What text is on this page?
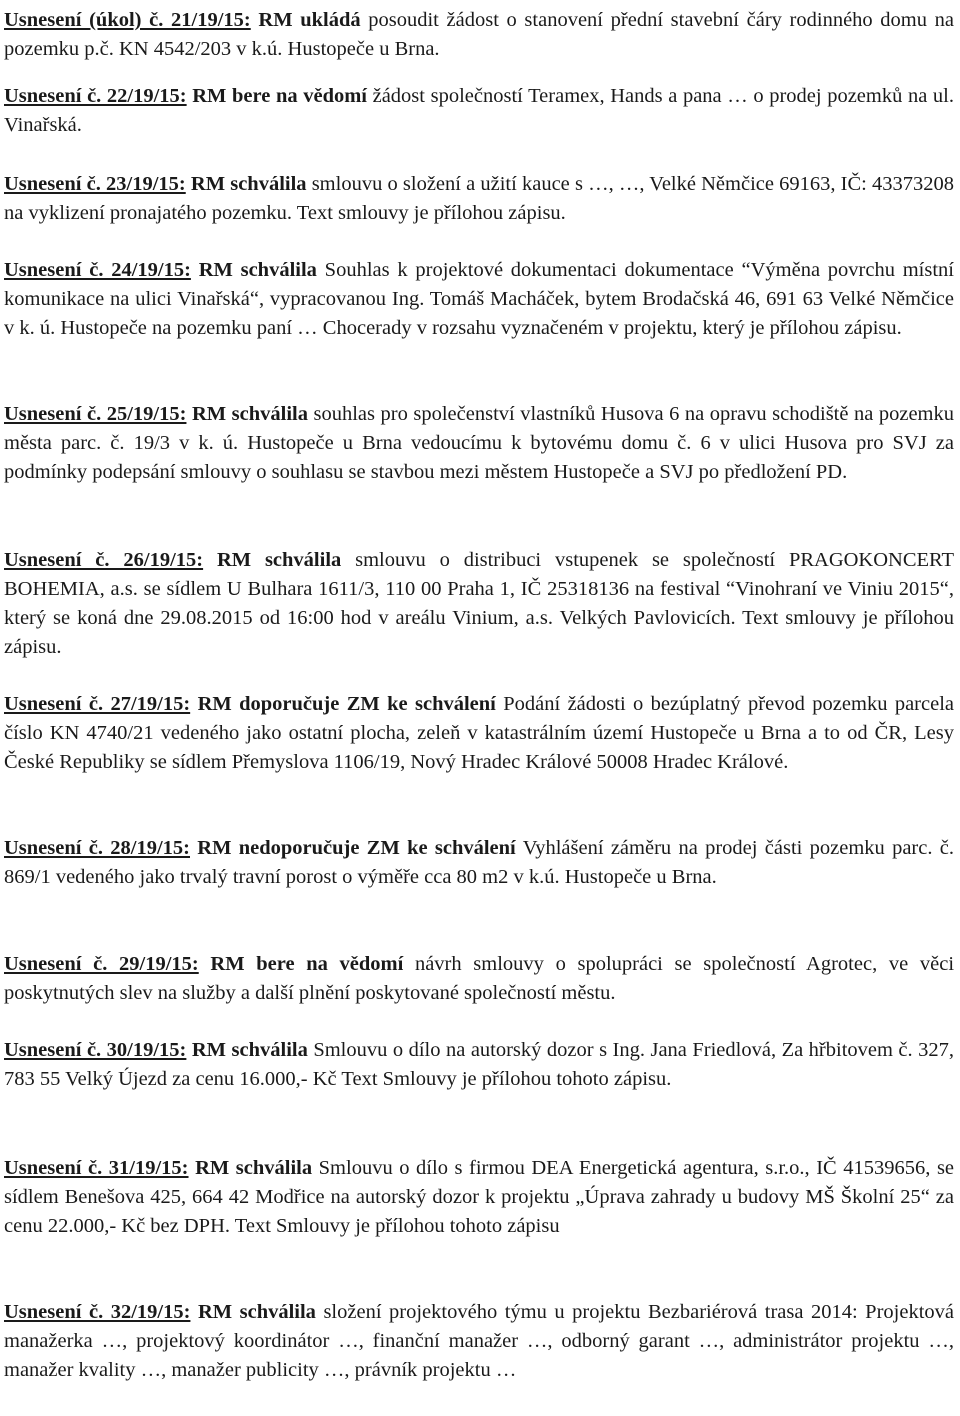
Usnesení (úkol) č. 21/19/15: RM ukládá posoudit žádost o stanovení přední stavební čáry rodinného domu na pozemku p.č. KN 4542/203 v k.ú. Hustopeče u Brna.

Usnesení č. 22/19/15: RM bere na vědomí žádost společností Teramex, Hands a pana … o prodej pozemků na ul. Vinařská.

Usnesení č. 23/19/15: RM schválila smlouvu o složení a užití kauce s …, …, Velké Němčice 69163, IČ: 43373208 na vyklizení pronajatého pozemku. Text smlouvy je přílohou zápisu.

Usnesení č. 24/19/15: RM schválila Souhlas k projektové dokumentaci dokumentace “Výměna povrchu místní komunikace na ulici Vinařská“, vypracovanou Ing. Tomáš Macháček, bytem Brodačská 46, 691 63 Velké Němčice v k. ú. Hustopeče na pozemku paní … Chocerady v rozsahu vyznačeném v projektu, který je přílohou zápisu.

Usnesení č. 25/19/15: RM schválila souhlas pro společenství vlastníků Husova 6 na opravu schodiště na pozemku města parc. č. 19/3 v k. ú. Hustopeče u Brna vedoucímu k bytovému domu č. 6 v ulici Husova pro SVJ za podmínky podepsání smlouvy o souhlasu se stavbou mezi městem Hustopeče a SVJ po předložení PD.

Usnesení č. 26/19/15: RM schválila smlouvu o distribuci vstupenek se společností PRAGOKONCERT BOHEMIA, a.s. se sídlem U Bulhara 1611/3, 110 00 Praha 1, IČ 25318136 na festival “Vinohraní ve Viniu 2015“, který se koná dne 29.08.2015 od 16:00 hod v areálu Vinium, a.s. Velkých Pavlovicích. Text smlouvy je přílohou zápisu.

Usnesení č. 27/19/15: RM doporučuje ZM ke schválení Podání žádosti o bezúplatný převod pozemku parcela číslo KN 4740/21 vedeného jako ostatní plocha, zeleň v katastrálním území Hustopeče u Brna a to od ČR, Lesy České Republiky se sídlem Přemyslova 1106/19, Nový Hradec Králové 50008 Hradec Králové.

Usnesení č. 28/19/15: RM nedoporučuje ZM ke schválení Vyhlášení záměru na prodej části pozemku parc. č. 869/1 vedeného jako trvalý travní porost o výměře cca 80 m2 v k.ú. Hustopeče u Brna.

Usnesení č. 29/19/15: RM bere na vědomí návrh smlouvy o spolupráci se společností Agrotec, ve věci poskytnutých slev na služby a další plnění poskytované společností městu.

Usnesení č. 30/19/15: RM schválila Smlouvu o dílo na autorský dozor s Ing. Jana Friedlová, Za hřbitovem č. 327, 783 55 Velký Újezd za cenu 16.000,- Kč Text Smlouvy je přílohou tohoto zápisu.

Usnesení č. 31/19/15: RM schválila Smlouvu o dílo s firmou DEA Energetická agentura, s.r.o., IČ 41539656, se sídlem Benešova 425, 664 42 Modřice na autorský dozor k projektu „Úprava zahrady u budovy MŠ Školní 25“ za cenu 22.000,- Kč bez DPH. Text Smlouvy je přílohou tohoto zápisu

Usnesení č. 32/19/15: RM schválila složení projektového týmu u projektu Bezbariérová trasa 2014: Projektová manažerka …, projektový koordinátor …, finanční manažer …, odborný garant …, administrátor projektu …, manažer kvality …, manažer publicity …, právník projektu …
